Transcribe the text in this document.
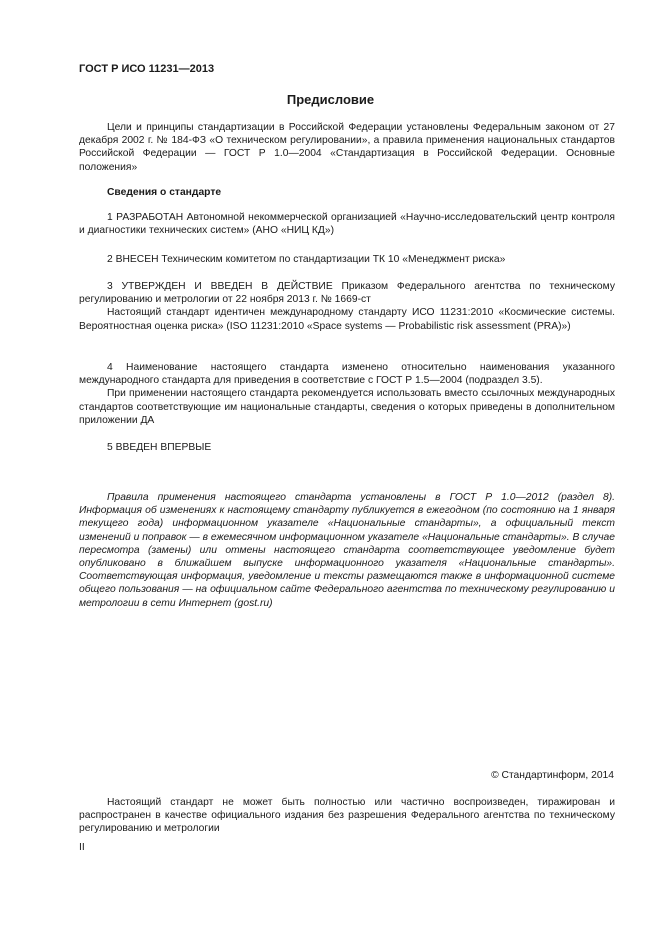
ГОСТ Р ИСО 11231—2013
Предисловие

Цели и принципы стандартизации в Российской Федерации установлены Федеральным законом от 27 декабря 2002 г. № 184-ФЗ «О техническом регулировании», а правила применения национальных стандартов Российской Федерации — ГОСТ Р 1.0—2004 «Стандартизация в Российской Федерации. Основные положения»

Сведения о стандарте

1 РАЗРАБОТАН Автономной некоммерческой организацией «Научно-исследовательский центр контроля и диагностики технических систем» (АНО «НИЦ КД»)

2 ВНЕСЕН Техническим комитетом по стандартизации ТК 10 «Менеджмент риска»

3 УТВЕРЖДЕН И ВВЕДЕН В ДЕЙСТВИЕ Приказом Федерального агентства по техническому регулированию и метрологии от 22 ноября 2013 г. № 1669-ст

Настоящий стандарт идентичен международному стандарту ИСО 11231:2010 «Космические системы. Вероятностная оценка риска» (ISO 11231:2010 «Space systems — Probabilistic risk assessment (PRA)»)

4 Наименование настоящего стандарта изменено относительно наименования указанного международного стандарта для приведения в соответствие с ГОСТ Р 1.5—2004 (подраздел 3.5).

При применении настоящего стандарта рекомендуется использовать вместо ссылочных международных стандартов соответствующие им национальные стандарты, сведения о которых приведены в дополнительном приложении ДА

5 ВВЕДЕН ВПЕРВЫЕ

Правила применения настоящего стандарта установлены в ГОСТ Р 1.0—2012 (раздел 8). Информация об изменениях к настоящему стандарту публикуется в ежегодном (по состоянию на 1 января текущего года) информационном указателе «Национальные стандарты», а официальный текст изменений и поправок — в ежемесячном информационном указателе «Национальные стандарты». В случае пересмотра (замены) или отмены настоящего стандарта соответствующее уведомление будет опубликовано в ближайшем выпуске информационного указателя «Национальные стандарты». Соответствующая информация, уведомление и тексты размещаются также в информационной системе общего пользования — на официальном сайте Федерального агентства по техническому регулированию и метрологии в сети Интернет (gost.ru)

© Стандартинформ, 2014

Настоящий стандарт не может быть полностью или частично воспроизведен, тиражирован и распространен в качестве официального издания без разрешения Федерального агентства по техническому регулированию и метрологии

II
